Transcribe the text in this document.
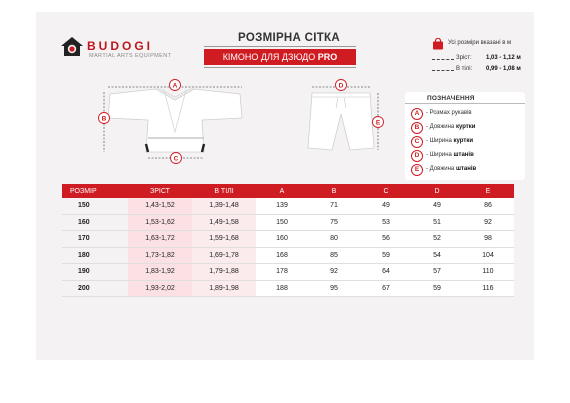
BUDOGI
MARTIAL ARTS EQUIPMENT
РОЗМІРНА СІТКА
КІМОНО ДЛЯ ДЗЮДО PRO
Усі розміри вказані в м
Зріст: 1,03 - 1,12 м
В тілі: 0,99 - 1,08 м
ПОЗНАЧЕННЯ
A	- Розмах рукавів
B	- Довжина куртки
C	- Ширина куртки
D	- Ширина штанів
E	- Довжина штанів
A
B
C
D
E
РОЗМІР	ЗРІСТ	В ТІЛІ	A	B	C	D	E
150	1,43-1,52	1,39-1,48	139	71	49	49	86
160	1,53-1,62	1,49-1,58	150	75	53	51	92
170	1,63-1,72	1,59-1,68	160	80	56	52	98
180	1,73-1,82	1,69-1,78	168	85	59	54	104
190	1,83-1,92	1,79-1,88	178	92	64	57	110
200	1,93-2,02	1,89-1,98	188	95	67	59	116
